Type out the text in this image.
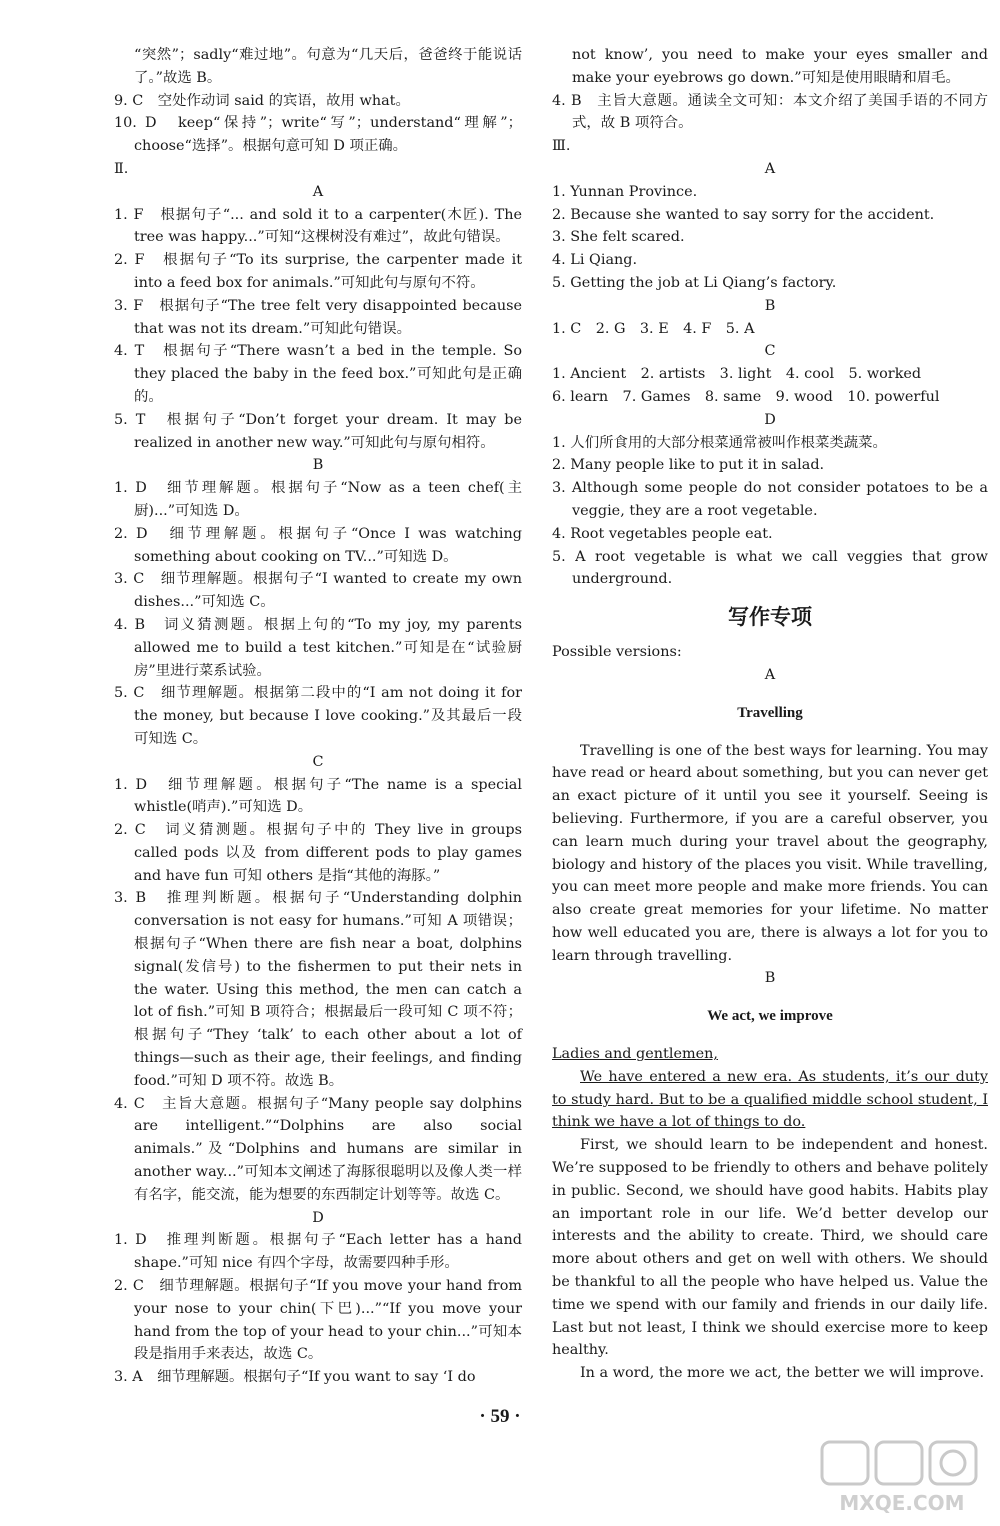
“突然”；sadly“难过地”。句意为“几天后，爸爸终于能说话了。”故选 B。

9. C　空处作动词 said 的宾语，故用 what。

10. D　keep“保持”；write“写”；understand“理解”；choose“选择”。根据句意可知 D 项正确。

Ⅱ.

A

1. F　根据句子“... and sold it to a carpenter(木匠). The tree was happy...”可知“这棵树没有难过”，故此句错误。

2. F　根据句子“To its surprise, the carpenter made it into a feed box for animals.”可知此句与原句不符。

3. F　根据句子“The tree felt very disappointed because that was not its dream.”可知此句错误。

4. T　根据句子“There wasn’t a bed in the temple. So they placed the baby in the feed box.”可知此句是正确的。

5. T　根据句子“Don’t forget your dream. It may be realized in another new way.”可知此句与原句相符。

B

1. D　细节理解题。根据句子“Now as a teen chef(主厨)...”可知选 D。

2. D　细节理解题。根据句子“Once I was watching something about cooking on TV...”可知选 D。

3. C　细节理解题。根据句子“I wanted to create my own dishes...”可知选 C。

4. B　词义猜测题。根据上句的“To my joy, my parents allowed me to build a test kitchen.”可知是在“试验厨房”里进行菜系试验。

5. C　细节理解题。根据第二段中的“I am not doing it for the money, but because I love cooking.”及其最后一段可知选 C。

C

1. D　细节理解题。根据句子“The name is a special whistle(哨声).”可知选 D。

2. C　词义猜测题。根据句子中的 They live in groups called pods 以及 from different pods to play games and have fun 可知 others 是指“其他的海豚。”

3. B　推理判断题。根据句子“Understanding dolphin conversation is not easy for humans.”可知 A 项错误；根据句子“When there are fish near a boat, dolphins signal(发信号) to the fishermen to put their nets in the water. Using this method, the men can catch a lot of fish.”可知 B 项符合；根据最后一段可知 C 项不符；根据句子“They ‘talk’ to each other about a lot of things—such as their age, their feelings, and finding food.”可知 D 项不符。故选 B。

4. C　主旨大意题。根据句子“Many people say dolphins are intelligent.”“Dolphins are also social animals.”及“Dolphins and humans are similar in another way...”可知本文阐述了海豚很聪明以及像人类一样有名字，能交流，能为想要的东西制定计划等等。故选 C。

D

1. D　推理判断题。根据句子“Each letter has a hand shape.”可知 nice 有四个字母，故需要四种手形。

2. C　细节理解题。根据句子“If you move your hand from your nose to your chin(下巴)...”“If you move your hand from the top of your head to your chin...”可知本段是指用手来表达，故选 C。

3. A　细节理解题。根据句子“If you want to say ‘I do

not know’, you need to make your eyes smaller and make your eyebrows go down.”可知是使用眼睛和眉毛。

4. B　主旨大意题。通读全文可知：本文介绍了美国手语的不同方式，故 B 项符合。

Ⅲ.

A

1. Yunnan Province.

2. Because she wanted to say sorry for the accident.

3. She felt scared.

4. Li Qiang.

5. Getting the job at Li Qiang’s factory.

B

1. C　2. G　3. E　4. F　5. A

C

1. Ancient　2. artists　3. light　4. cool　5. worked

6. learn　7. Games　8. same　9. wood　10. powerful

D

1. 人们所食用的大部分根菜通常被叫作根菜类蔬菜。

2. Many people like to put it in salad.

3. Although some people do not consider potatoes to be a veggie, they are a root vegetable.

4. Root vegetables people eat.

5. A root vegetable is what we call veggies that grow underground.

写作专项

Possible versions:

A

Travelling

Travelling is one of the best ways for learning. You may have read or heard about something, but you can never get an exact picture of it until you see it yourself. Seeing is believing. Furthermore, if you are a careful observer, you can learn much during your travel about the geography, biology and history of the places you visit. While travelling, you can meet more people and make more friends. You can also create great memories for your lifetime. No matter how well educated you are, there is always a lot for you to learn through travelling.

B

We act, we improve

Ladies and gentlemen,

We have entered a new era. As students, it’s our duty to study hard. But to be a qualified middle school student, I think we have a lot of things to do.

First, we should learn to be independent and honest. We’re supposed to be friendly to others and behave politely in public. Second, we should have good habits. Habits play an important role in our life. We’d better develop our interests and the ability to create. Third, we should care more about others and get on well with others. We should be thankful to all the people who have helped us. Value the time we spend with our family and friends in our daily life. Last but not least, I think we should exercise more to keep healthy.

In a word, the more we act, the better we will improve.

· 59 ·
MXQE.COM
